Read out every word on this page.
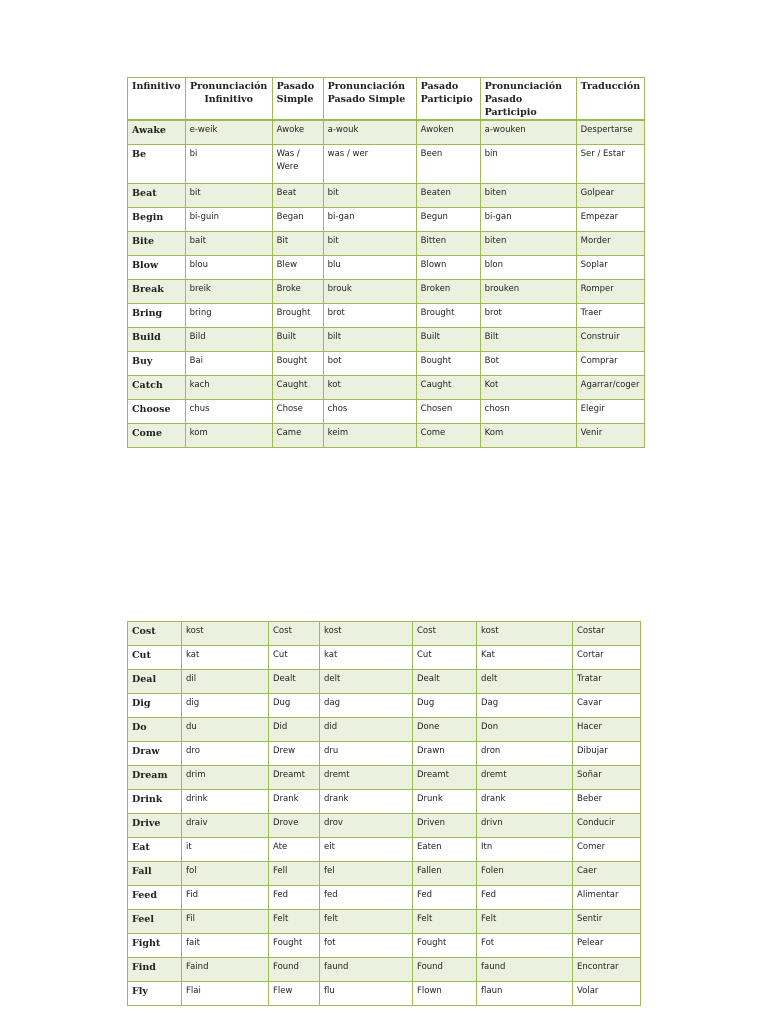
Infinitivo	Pronunciación Infinitivo	Pasado Simple	Pronunciación Pasado Simple	Pasado Participio	Pronunciación Pasado Participio	Traducción
Awake	e-weik	Awoke	a-wouk	Awoken	a-wouken	Despertarse
Be	bi	Was / Were	was / wer	Been	bin	Ser / Estar
Beat	bit	Beat	bit	Beaten	biten	Golpear
Begin	bi-guin	Began	bi-gan	Begun	bi-gan	Empezar
Bite	bait	Bit	bit	Bitten	biten	Morder
Blow	blou	Blew	blu	Blown	blon	Soplar
Break	breik	Broke	brouk	Broken	brouken	Romper
Bring	bring	Brought	brot	Brought	brot	Traer
Build	Bild	Built	bilt	Built	Bilt	Construir
Buy	Bai	Bought	bot	Bought	Bot	Comprar
Catch	kach	Caught	kot	Caught	Kot	Agarrar/coger
Choose	chus	Chose	chos	Chosen	chosn	Elegir
Come	kom	Came	keim	Come	Kom	Venir
Cost	kost	Cost	kost	Cost	kost	Costar
Cut	kat	Cut	kat	Cut	Kat	Cortar
Deal	dil	Dealt	delt	Dealt	delt	Tratar
Dig	dig	Dug	dag	Dug	Dag	Cavar
Do	du	Did	did	Done	Don	Hacer
Draw	dro	Drew	dru	Drawn	dron	Dibujar
Dream	drim	Dreamt	dremt	Dreamt	dremt	Soñar
Drink	drink	Drank	drank	Drunk	drank	Beber
Drive	draiv	Drove	drov	Driven	drivn	Conducir
Eat	it	Ate	eit	Eaten	Itn	Comer
Fall	fol	Fell	fel	Fallen	Folen	Caer
Feed	Fid	Fed	fed	Fed	Fed	Alimentar
Feel	Fil	Felt	felt	Felt	Felt	Sentir
Fight	fait	Fought	fot	Fought	Fot	Pelear
Find	Faind	Found	faund	Found	faund	Encontrar
Fly	Flai	Flew	flu	Flown	flaun	Volar
